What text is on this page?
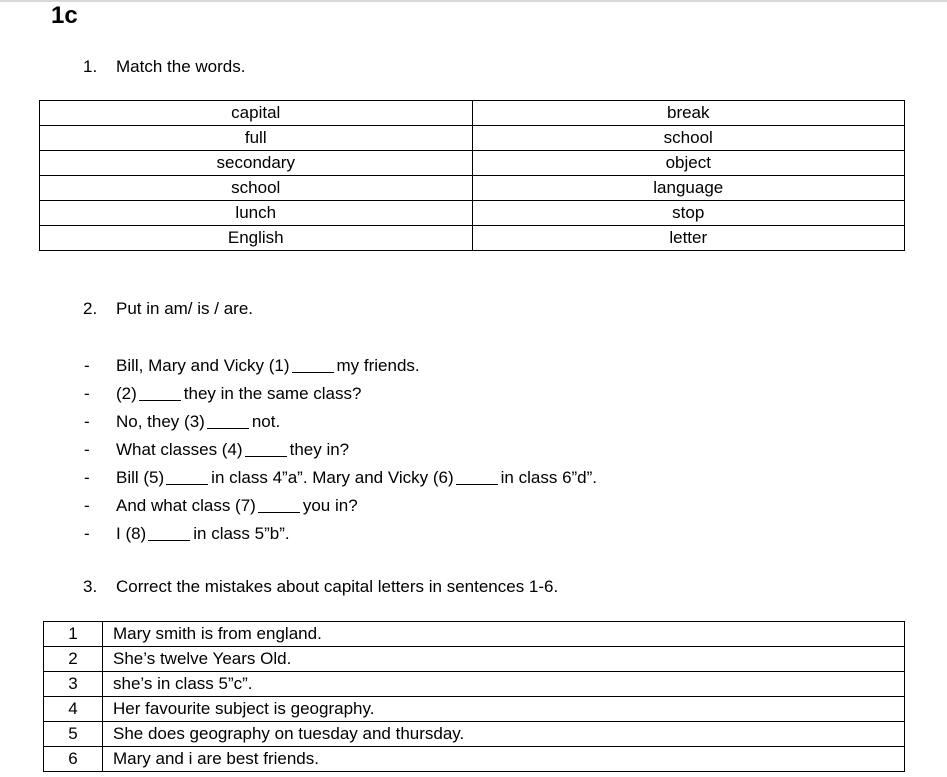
1c
1. Match the words.
capital	break
full	school
secondary	object
school	language
lunch	stop
English	letter
2. Put in am/ is / are.
- Bill, Mary and Vicky (1)	my friends.
- (2)	they in the same class?
- No, they (3)	not.
- What classes (4)	they in?
- Bill (5)	in class 4”a”. Mary and Vicky (6)	in class 6”d”.
- And what class (7)	you in?
- I (8)	in class 5”b”.
3. Correct the mistakes about capital letters in sentences 1-6.
1	Mary smith is from england.
2	She’s twelve Years Old.
3	she’s in class 5”c”.
4	Her favourite subject is geography.
5	She does geography on tuesday and thursday.
6	Mary and i are best friends.
